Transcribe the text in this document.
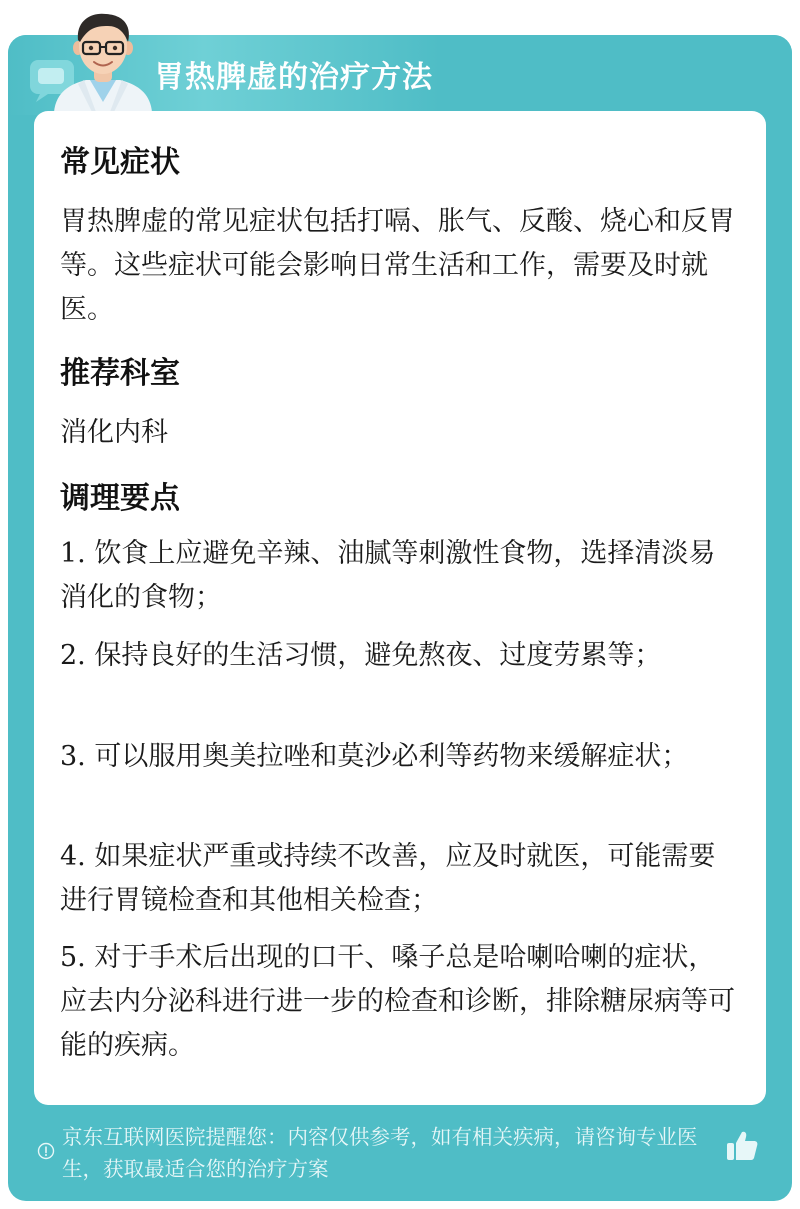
胃热脾虚的治疗方法
常见症状
胃热脾虚的常见症状包括打嗝、胀气、反酸、烧心和反胃等。这些症状可能会影响日常生活和工作，需要及时就医。
推荐科室
消化内科
调理要点
1. 饮食上应避免辛辣、油腻等刺激性食物，选择清淡易消化的食物；
2. 保持良好的生活习惯，避免熬夜、过度劳累等；
3. 可以服用奥美拉唑和莫沙必利等药物来缓解症状；
4. 如果症状严重或持续不改善，应及时就医，可能需要进行胃镜检查和其他相关检查；
5. 对于手术后出现的口干、嗓子总是哈喇哈喇的症状，应去内分泌科进行进一步的检查和诊断，排除糖尿病等可能的疾病。
京东互联网医院提醒您：内容仅供参考，如有相关疾病，请咨询专业医生，获取最适合您的治疗方案
